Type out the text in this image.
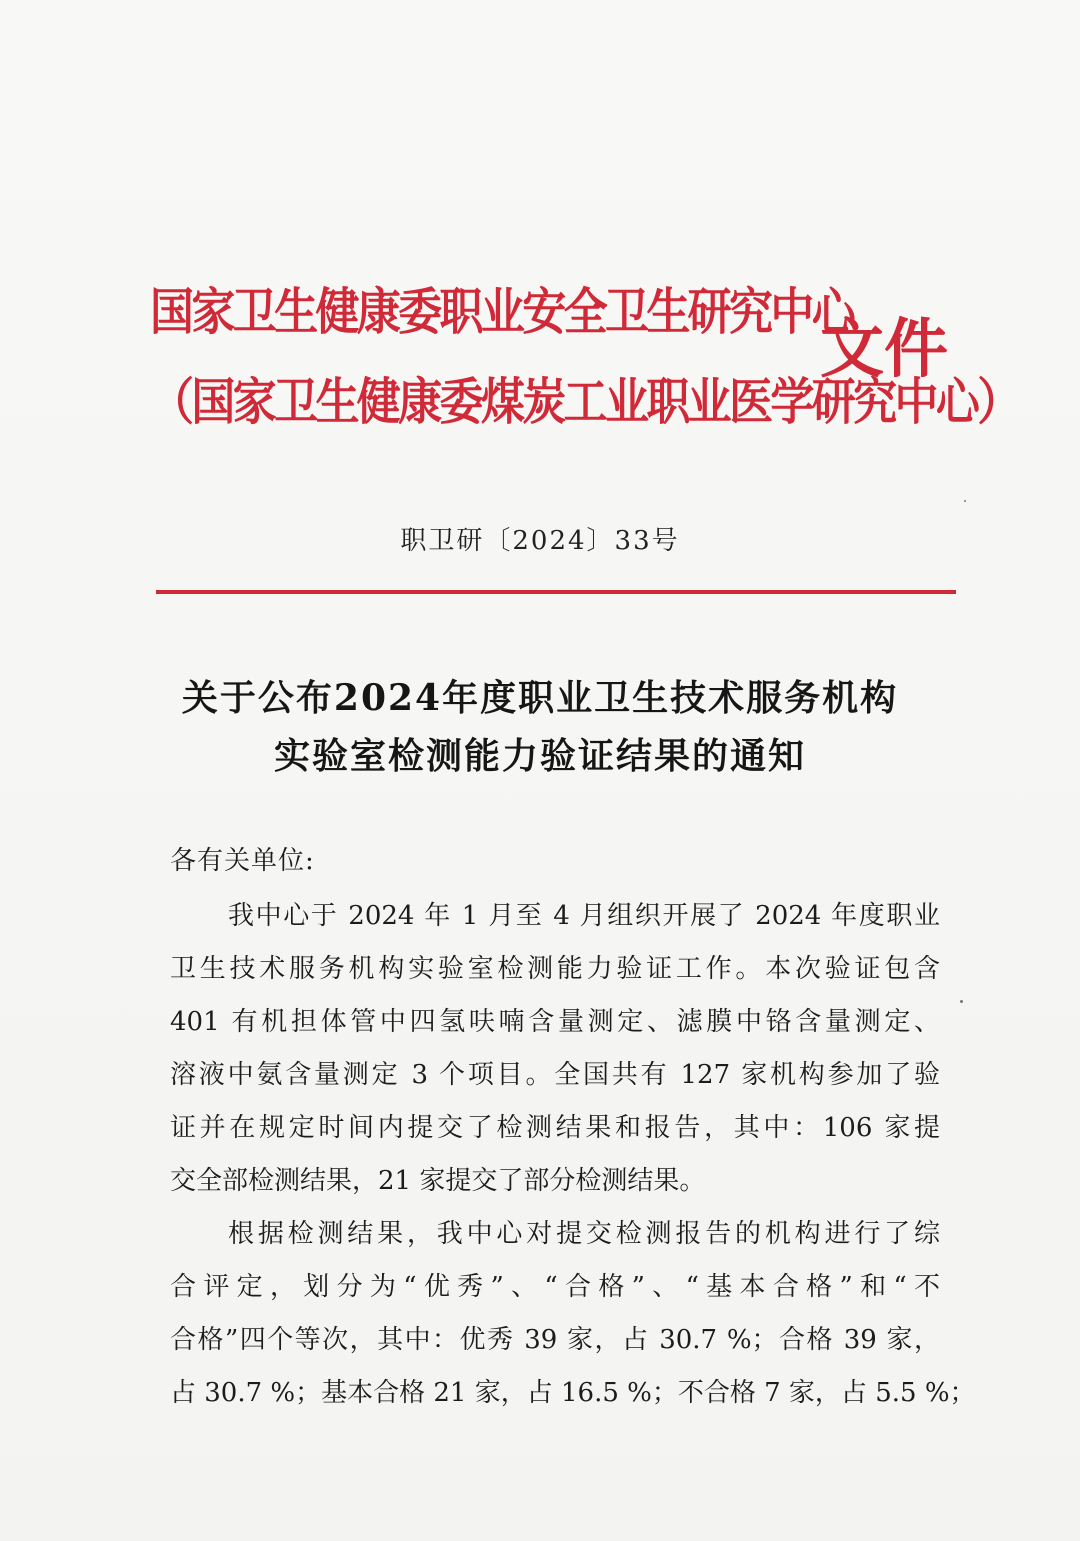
国家卫生健康委职业安全卫生研究中心
（国家卫生健康委煤炭工业职业医学研究中心）
文件
职卫研〔2024〕33号
关于公布2024年度职业卫生技术服务机构
实验室检测能力验证结果的通知
各有关单位:
我中心于 2024 年 1 月至 4 月组织开展了 2024 年度职业
卫生技术服务机构实验室检测能力验证工作。本次验证包含
401 有机担体管中四氢呋喃含量测定、滤膜中铬含量测定、
溶液中氨含量测定 3 个项目。全国共有 127 家机构参加了验
证并在规定时间内提交了检测结果和报告，其中：106 家提
交全部检测结果，21 家提交了部分检测结果。
根据检测结果，我中心对提交检测报告的机构进行了综
合评定，划分为“优秀”、“合格”、“基本合格”和“不
合格”四个等次，其中：优秀 39 家，占 30.7 %；合格 39 家，
占 30.7 %；基本合格 21 家，占 16.5 %；不合格 7 家，占 5.5 %；
